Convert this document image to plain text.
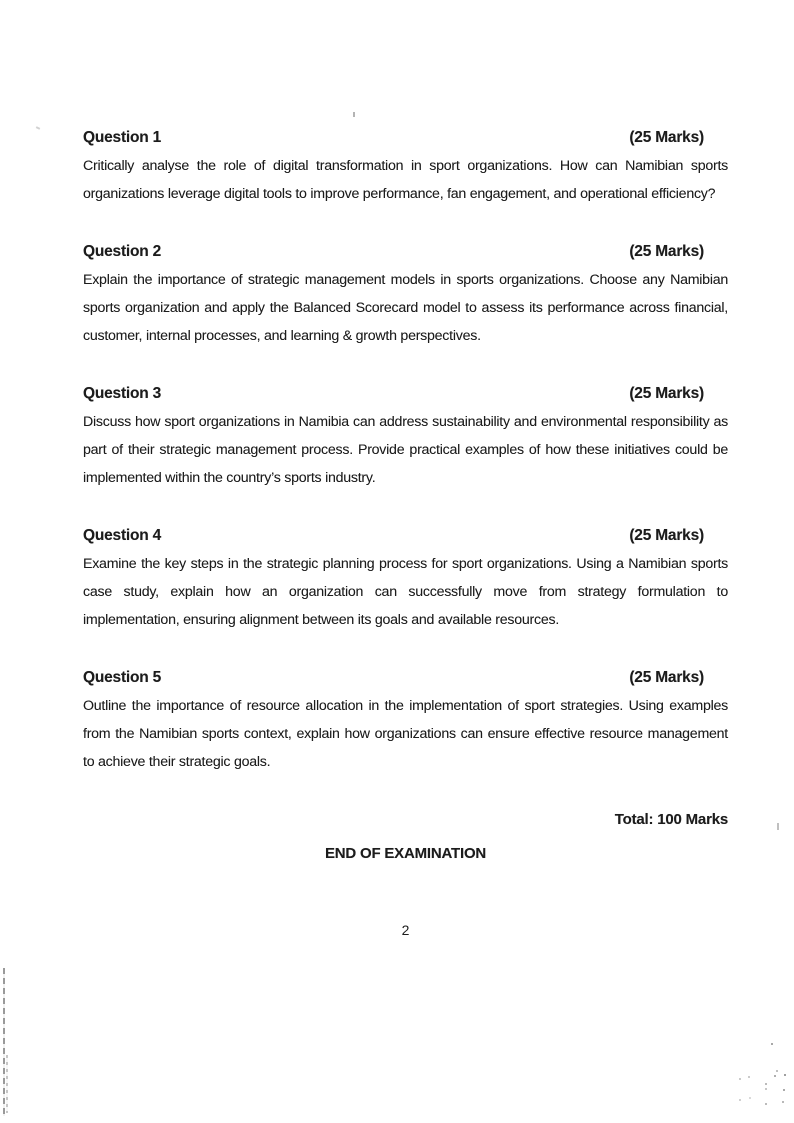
Question 1	(25 Marks)
Critically analyse the role of digital transformation in sport organizations. How can Namibian sports organizations leverage digital tools to improve performance, fan engagement, and operational efficiency?
Question 2	(25 Marks)
Explain the importance of strategic management models in sports organizations. Choose any Namibian sports organization and apply the Balanced Scorecard model to assess its performance across financial, customer, internal processes, and learning & growth perspectives.
Question 3	(25 Marks)
Discuss how sport organizations in Namibia can address sustainability and environmental responsibility as part of their strategic management process. Provide practical examples of how these initiatives could be implemented within the country’s sports industry.
Question 4	(25 Marks)
Examine the key steps in the strategic planning process for sport organizations. Using a Namibian sports case study, explain how an organization can successfully move from strategy formulation to implementation, ensuring alignment between its goals and available resources.
Question 5	(25 Marks)
Outline the importance of resource allocation in the implementation of sport strategies. Using examples from the Namibian sports context, explain how organizations can ensure effective resource management to achieve their strategic goals.
Total: 100 Marks
END OF EXAMINATION
2
